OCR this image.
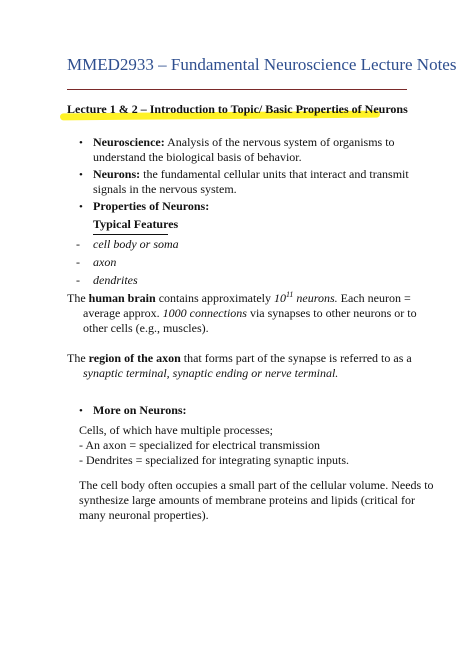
MMED2933 – Fundamental Neuroscience Lecture Notes
Lecture 1 & 2 – Introduction to Topic/ Basic Properties of Neurons
• Neuroscience: Analysis of the nervous system of organisms to
understand the biological basis of behavior.
• Neurons: the fundamental cellular units that interact and transmit
signals in the nervous system.
• Properties of Neurons:
Typical Features
- cell body or soma
- axon
- dendrites
The human brain contains approximately $10^{11}$ neurons. Each neuron =
average approx. 1000 connections via synapses to other neurons or to
other cells (e.g., muscles).
The region of the axon that forms part of the synapse is referred to as a
synaptic terminal, synaptic ending or nerve terminal.
• More on Neurons:
Cells, of which have multiple processes;
- An axon = specialized for electrical transmission
- Dendrites = specialized for integrating synaptic inputs.
The cell body often occupies a small part of the cellular volume. Needs to
synthesize large amounts of membrane proteins and lipids (critical for
many neuronal properties).
